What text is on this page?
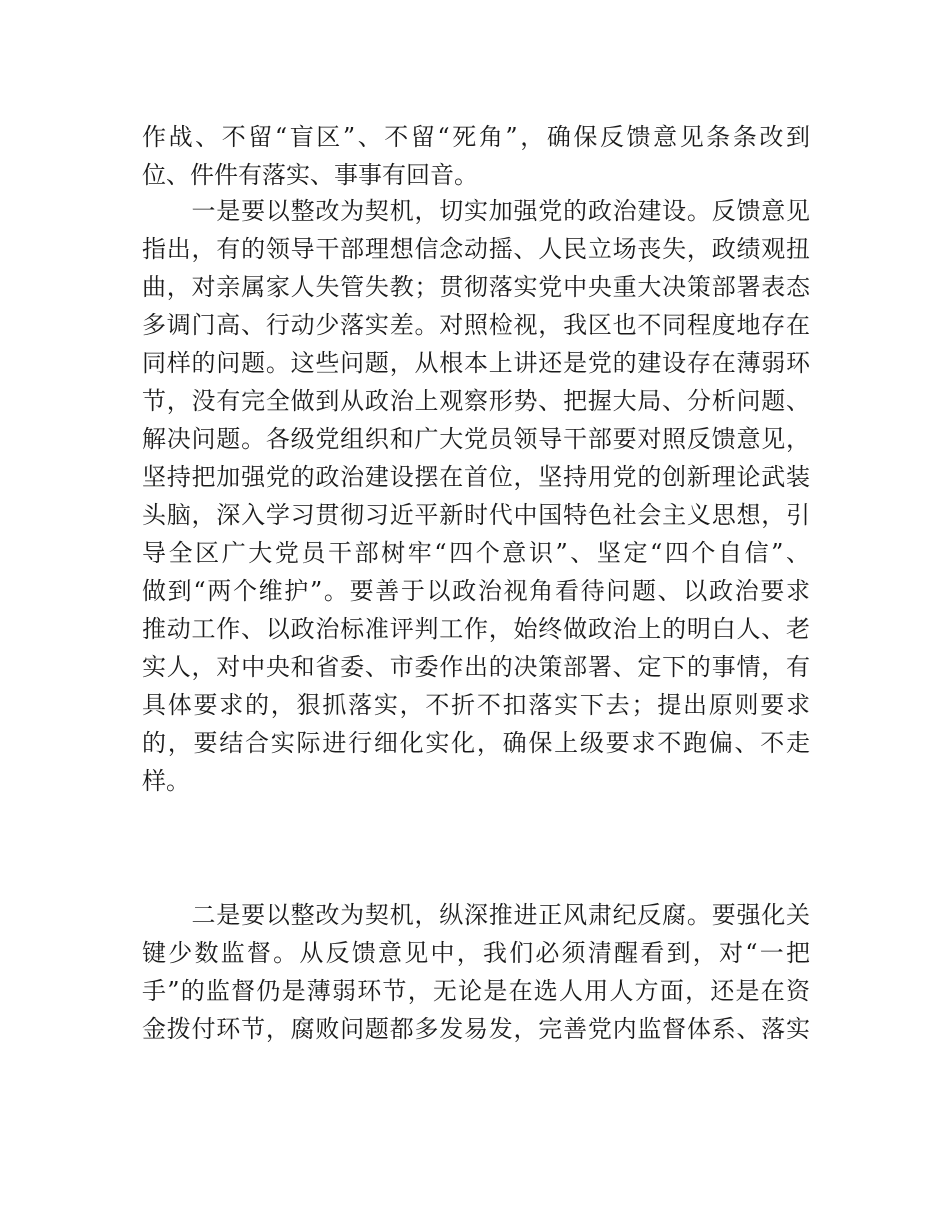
作战、不留“盲区”、不留“死角”，确保反馈意见条条改到
位、件件有落实、事事有回音。
　　一是要以整改为契机，切实加强党的政治建设。反馈意见
指出，有的领导干部理想信念动摇、人民立场丧失，政绩观扭
曲，对亲属家人失管失教；贯彻落实党中央重大决策部署表态
多调门高、行动少落实差。对照检视，我区也不同程度地存在
同样的问题。这些问题，从根本上讲还是党的建设存在薄弱环
节，没有完全做到从政治上观察形势、把握大局、分析问题、
解决问题。各级党组织和广大党员领导干部要对照反馈意见，
坚持把加强党的政治建设摆在首位，坚持用党的创新理论武装
头脑，深入学习贯彻习近平新时代中国特色社会主义思想，引
导全区广大党员干部树牢“四个意识”、坚定“四个自信”、
做到“两个维护”。要善于以政治视角看待问题、以政治要求
推动工作、以政治标准评判工作，始终做政治上的明白人、老
实人，对中央和省委、市委作出的决策部署、定下的事情，有
具体要求的，狠抓落实，不折不扣落实下去；提出原则要求
的，要结合实际进行细化实化，确保上级要求不跑偏、不走
样。
　　二是要以整改为契机，纵深推进正风肃纪反腐。要强化关
键少数监督。从反馈意见中，我们必须清醒看到，对“一把
手”的监督仍是薄弱环节，无论是在选人用人方面，还是在资
金拨付环节，腐败问题都多发易发，完善党内监督体系、落实
